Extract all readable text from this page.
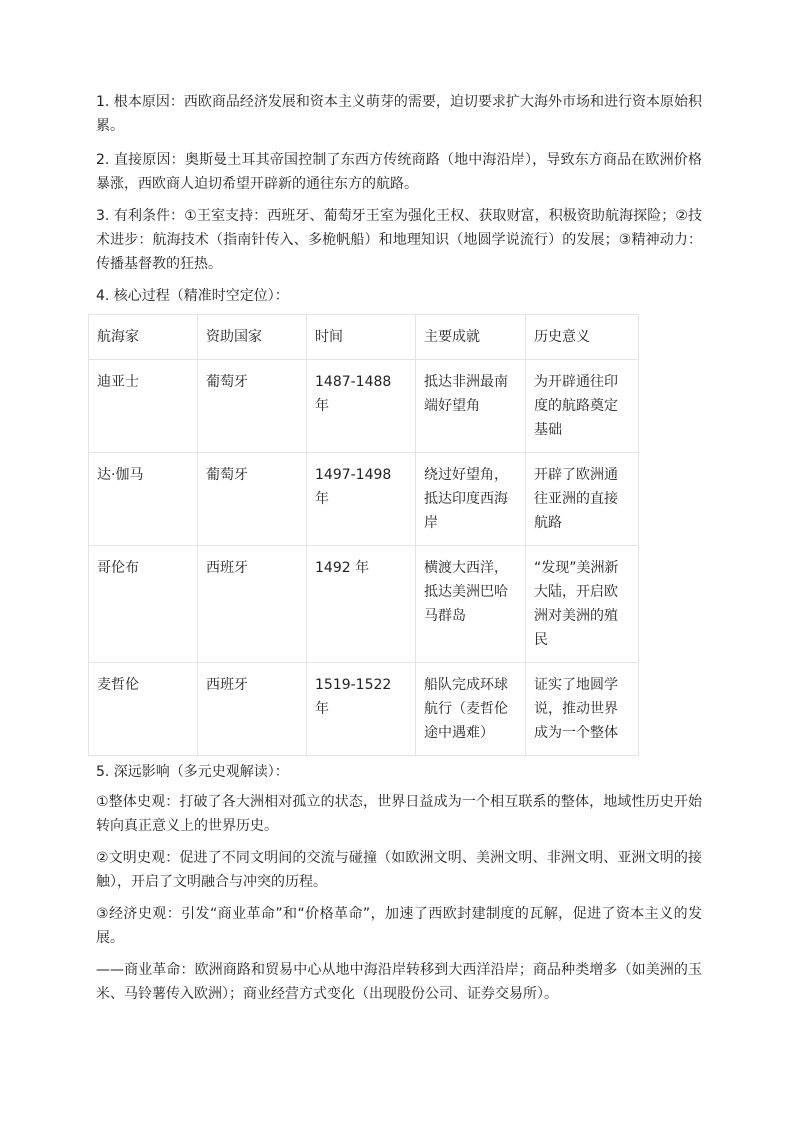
1. 根本原因：西欧商品经济发展和资本主义萌芽的需要，迫切要求扩大海外市场和进行资本原始积累。

2. 直接原因：奥斯曼土耳其帝国控制了东西方传统商路（地中海沿岸），导致东方商品在欧洲价格暴涨，西欧商人迫切希望开辟新的通往东方的航路。

3. 有利条件：①王室支持：西班牙、葡萄牙王室为强化王权、获取财富，积极资助航海探险；②技术进步：航海技术（指南针传入、多桅帆船）和地理知识（地圆学说流行）的发展；③精神动力：传播基督教的狂热。

4. 核心过程（精准时空定位）：

航海家	资助国家	时间	主要成就	历史意义
迪亚士	葡萄牙	1487-1488 年	抵达非洲最南端好望角	为开辟通往印度的航路奠定基础
达·伽马	葡萄牙	1497-1498 年	绕过好望角，抵达印度西海岸	开辟了欧洲通往亚洲的直接航路
哥伦布	西班牙	1492 年	横渡大西洋，抵达美洲巴哈马群岛	“发现”美洲新大陆，开启欧洲对美洲的殖民
麦哲伦	西班牙	1519-1522 年	船队完成环球航行（麦哲伦途中遇难）	证实了地圆学说，推动世界成为一个整体

5. 深远影响（多元史观解读）：

①整体史观：打破了各大洲相对孤立的状态，世界日益成为一个相互联系的整体，地域性历史开始转向真正意义上的世界历史。

②文明史观：促进了不同文明间的交流与碰撞（如欧洲文明、美洲文明、非洲文明、亚洲文明的接触），开启了文明融合与冲突的历程。

③经济史观：引发“商业革命”和“价格革命”，加速了西欧封建制度的瓦解，促进了资本主义的发展。

——商业革命：欧洲商路和贸易中心从地中海沿岸转移到大西洋沿岸；商品种类增多（如美洲的玉米、马铃薯传入欧洲）；商业经营方式变化（出现股份公司、证券交易所）。
